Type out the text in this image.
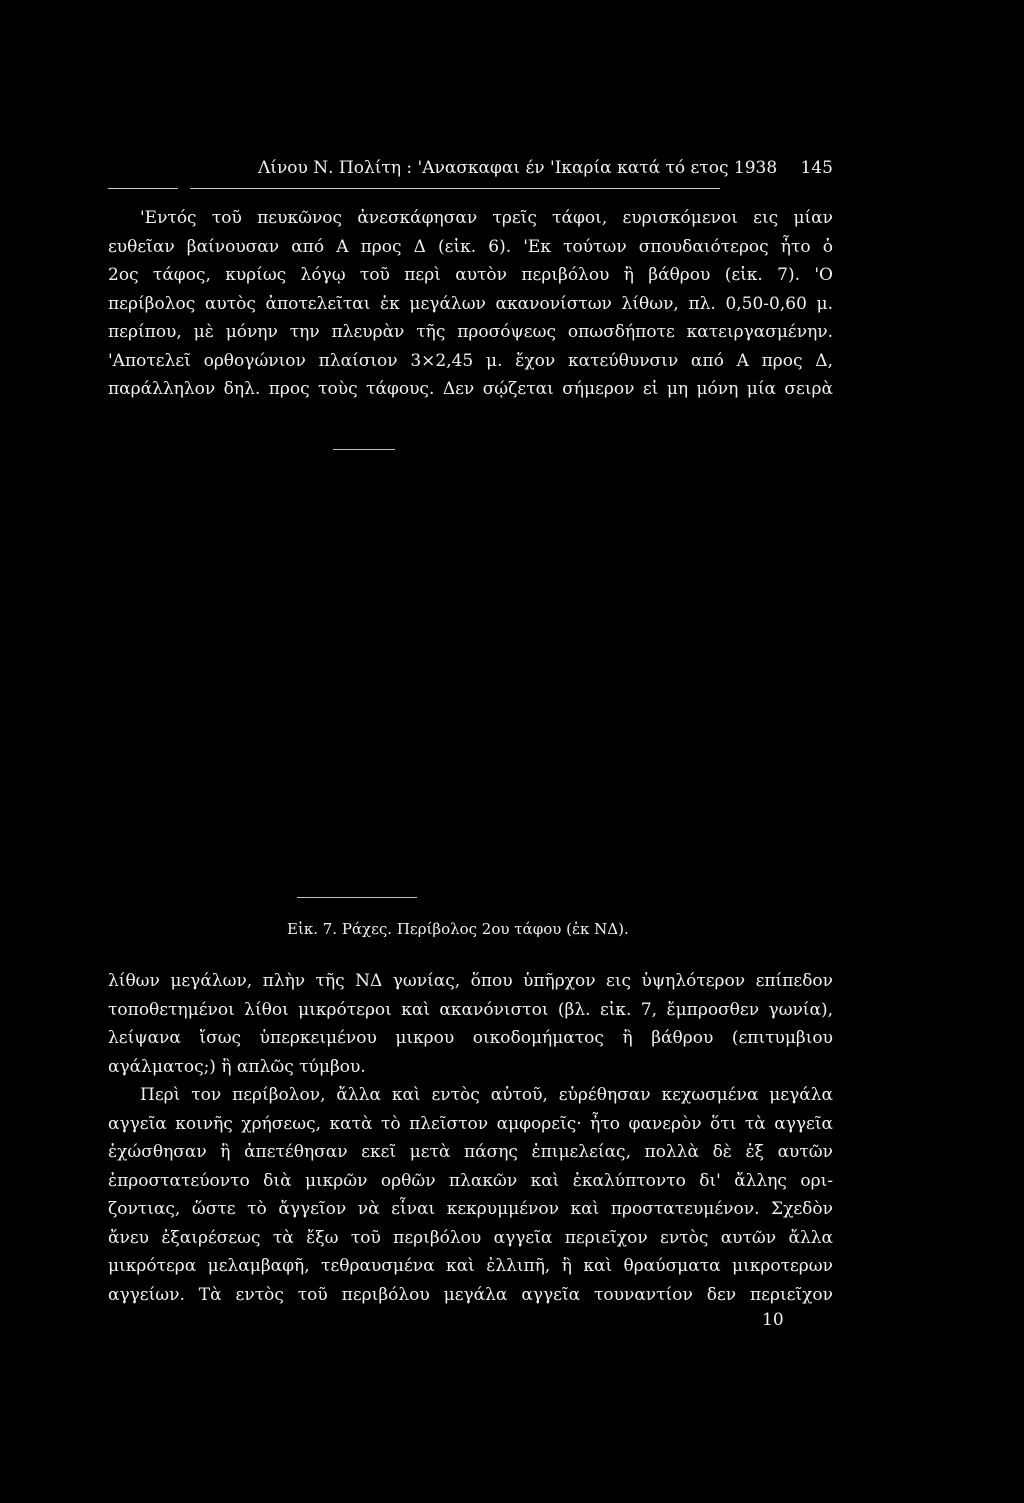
Λίνου Ν. Πολίτη : 'Ανασκαφαι έν 'Ικαρία κατά τό ετος 1938 145
'Εντός τοῦ πευκῶνος ἀνεσκάφησαν τρεῖς τάφοι, ευρισκόμενοι εις μίαν
ευθεῖαν βαίνουσαν από Α προς Δ (εἰκ. 6). 'Εκ τούτων σπουδαιότερος ἦτο ὁ
2ος τάφος, κυρίως λόγῳ τοῦ περὶ αυτὸν περιβόλου ἢ βάθρου (εἰκ. 7). 'Ο
περίβολος αυτὸς ἀποτελεῖται ἐκ μεγάλων ακανονίστων λίθων, πλ. 0,50-0,60 μ.
περίπου, μὲ μόνην την πλευρὰν τῆς προσόψεως οπωσδήποτε κατειργασμένην.
'Αποτελεῖ ορθογώνιον πλαίσιον 3×2,45 μ. ἔχον κατεύθυνσιν από Α προς Δ,
παράλληλον δηλ. προς τοὺς τάφους. Δεν σῴζεται σήμερον εἰ μη μόνη μία σειρὰ
Εἰκ. 7. Ράχες. Περίβολος 2ου τάφου (ἐκ ΝΔ).
λίθων μεγάλων, πλὴν τῆς ΝΔ γωνίας, ὅπου ὑπῆρχον εις ὑψηλότερον επίπεδον
τοποθετημένοι λίθοι μικρότεροι καὶ ακανόνιστοι (βλ. εἰκ. 7, ἔμπροσθεν γωνία),
λείψανα ἴσως ὑπερκειμένου μικρου οικοδομήματος ἢ βάθρου (επιτυμβιου
αγάλματος;) ἢ απλῶς τύμβου.
Περὶ τον περίβολον, ἄλλα καὶ εντὸς αὐτοῦ, εὑρέθησαν κεχωσμένα μεγάλα
αγγεῖα κοινῆς χρήσεως, κατὰ τὸ πλεῖστον αμφορεῖς· ἦτο φανερὸν ὅτι τὰ αγγεῖα
ἐχώσθησαν ἢ ἀπετέθησαν εκεῖ μετὰ πάσης ἐπιμελείας, πολλὰ δὲ ἐξ αυτῶν
ἐπροστατεύοντο διὰ μικρῶν ορθῶν πλακῶν καὶ ἐκαλύπτοντο δι' ἄλλης ορι-
ζοντιας, ὥστε τὸ ἄγγεῖον νὰ εἶναι κεκρυμμένον καὶ προστατευμένον. Σχεδὸν
ἄνευ ἐξαιρέσεως τὰ ἔξω τοῦ περιβόλου αγγεῖα περιεῖχον εντὸς αυτῶν ἄλλα
μικρότερα μελαμβαφῆ, τεθραυσμένα καὶ ἐλλιπῆ, ἢ καὶ θραύσματα μικροτερων
αγγείων. Τὰ εντὸς τοῦ περιβόλου μεγάλα αγγεῖα τουναντίον δεν περιεῖχον
10
